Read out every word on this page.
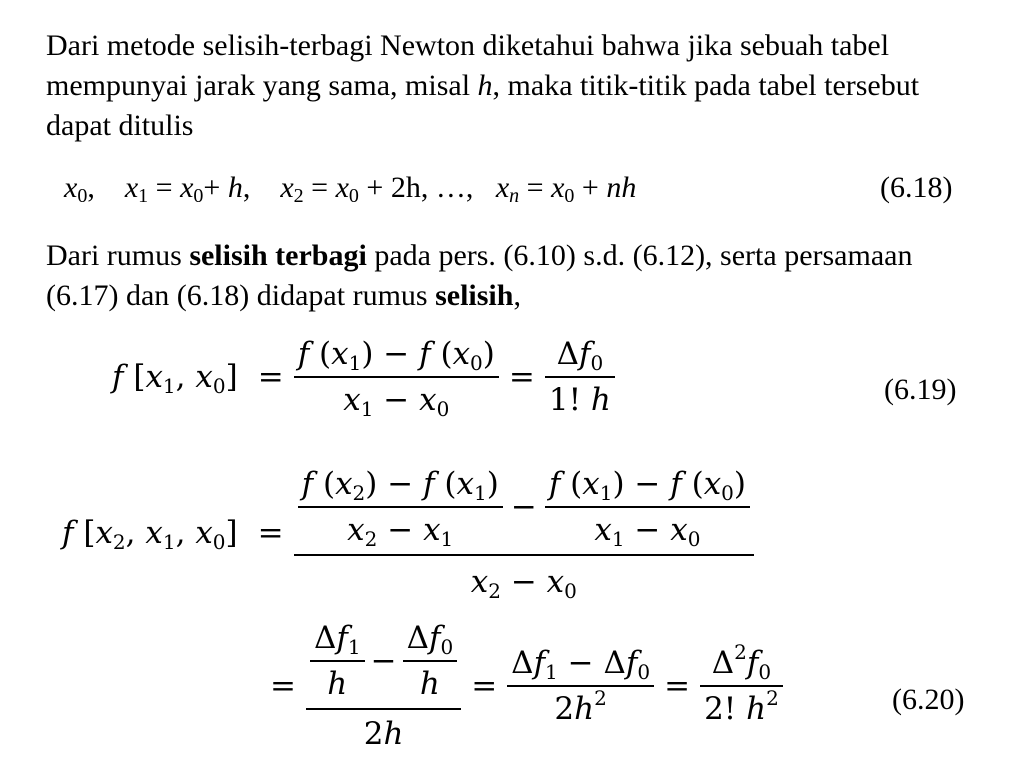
Dari metode selisih-terbagi Newton diketahui bahwa jika sebuah tabel mempunyai jarak yang sama, misal h, maka titik-titik pada tabel tersebut dapat ditulis

$x_0$,    $x_1 = x_0+ h$,    $x_2 = x_0 + 2h$, …,   $x_n = x_0$ + nh	(6.18)

Dari rumus selisih terbagi pada pers. (6.10) s.d. (6.12), serta persamaan (6.17) dan (6.18) didapat rumus selisih,

f [$x_1$, $x_0] = \frac{f (x_1) - f (x_0)}{x_1 - x_0} = \frac{\Delta f_0}{1! h}$	(6.19)
f [$x_2$, $x_1$, $x_0] = \frac{\frac{f (x_2) - f (x_1)}{x_2 - x_1} - \frac{f (x_1) - f (x_0)}{x_1 - x_0}}{x_2 - x_0}$
= $\frac{\frac{\Delta f_1}{h} - \frac{\Delta f_0}{h}}{2h} = \frac{\Delta f_1 - \Delta f_0}{2h^2} = \frac{\Delta^2f_0}{2! h^2}$	(6.20)
